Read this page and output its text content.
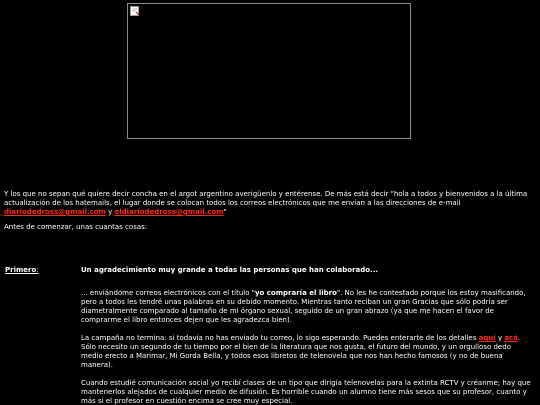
Y los que no sepan qué quiere decir concha en el argot argentino averigüenlo y entérense. De más está decir "hola a todos y bienvenidos a la última actualización de los hatemails, el lugar donde se colocan todos los correos electrónicos que me envían a las direcciones de e-mail
diariodedross@gmail.com y eldiariodedross@gmail.com"
Antes de comenzar, unas cuantas cosas:
Primero:	Un agradecimiento muy grande a todas las personas que han colaborado...

... enviándome correos electrónicos con el título "yo compraría el libro". No les he contestado porque los estoy masificando, pero a todos les tendré unas palabras en su debido momento. Mientras tanto reciban un gran Gracias que sólo podría ser diametralmente comparado al tamaño de mi órgano sexual, seguido de un gran abrazo (ya que me hacen el favor de comprarme el libro entonces dejen que les agradezca bien).

La campaña no termina: si todavía no has enviado tu correo, lo sigo esperando. Puedes enterarte de los detalles aquí y acá. Sólo necesito un segundo de tu tiempo por el bien de la literatura que nos gusta, el futuro del mundo, y un orgulloso dedo medio erecto a Marimar, Mi Gorda Bella, y todos esos libretos de telenovela que nos han hecho famosos (y no de buena manera).

Cuando estudié comunicación social yo recibí clases de un tipo que dirigía telenovelas para la extinta RCTV y créanme; hay que mantenerlos alejados de cualquier medio de difusión. Es horrible cuando un alumno tiene más sesos que su profesor, cuanto y más si el profesor en cuestión encima se cree muy especial.
